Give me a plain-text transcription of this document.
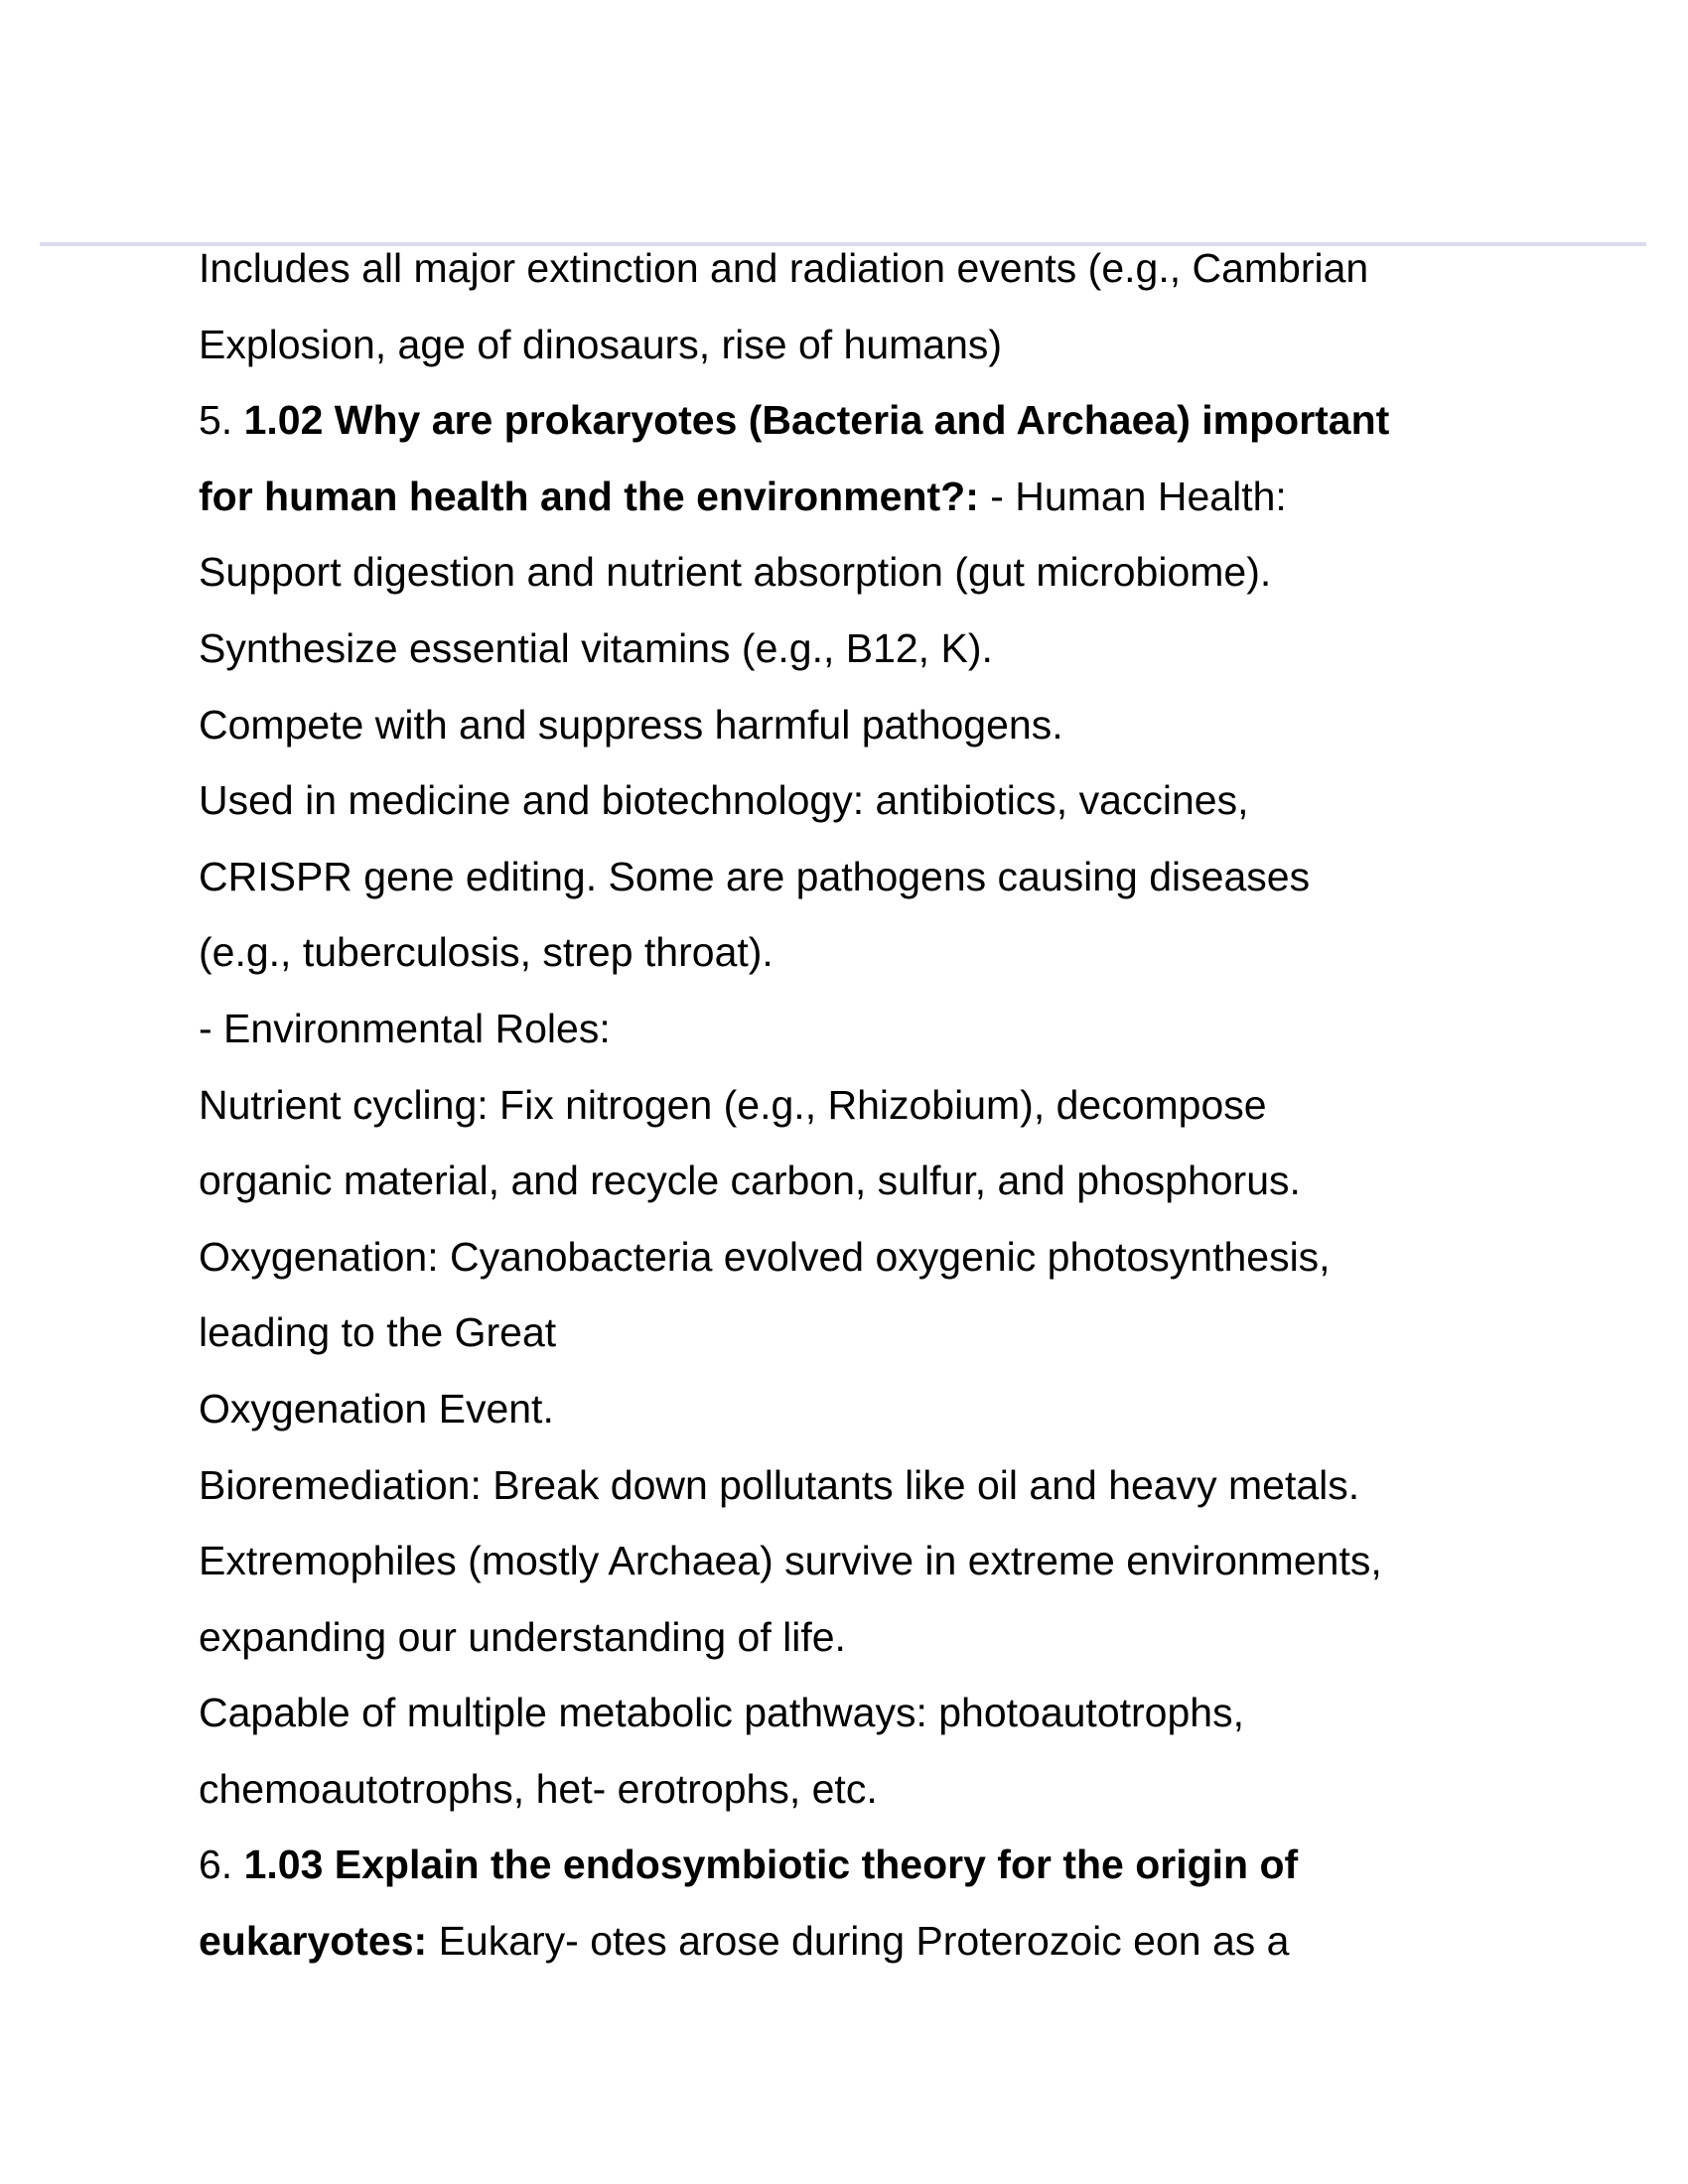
Includes all major extinction and radiation events (e.g., Cambrian
Explosion, age of dinosaurs, rise of humans)
5. 1.02 Why are prokaryotes (Bacteria and Archaea) important
for human health and the environment?: - Human Health:
Support digestion and nutrient absorption (gut microbiome).
Synthesize essential vitamins (e.g., B12, K).
Compete with and suppress harmful pathogens.
Used in medicine and biotechnology: antibiotics, vaccines,
CRISPR gene editing. Some are pathogens causing diseases
(e.g., tuberculosis, strep throat).
- Environmental Roles:
Nutrient cycling: Fix nitrogen (e.g., Rhizobium), decompose
organic material, and recycle carbon, sulfur, and phosphorus.
Oxygenation: Cyanobacteria evolved oxygenic photosynthesis,
leading to the Great
Oxygenation Event.
Bioremediation: Break down pollutants like oil and heavy metals.
Extremophiles (mostly Archaea) survive in extreme environments,
expanding our understanding of life.
Capable of multiple metabolic pathways: photoautotrophs,
chemoautotrophs, het- erotrophs, etc.
6. 1.03 Explain the endosymbiotic theory for the origin of
eukaryotes: Eukary- otes arose during Proterozoic eon as a
